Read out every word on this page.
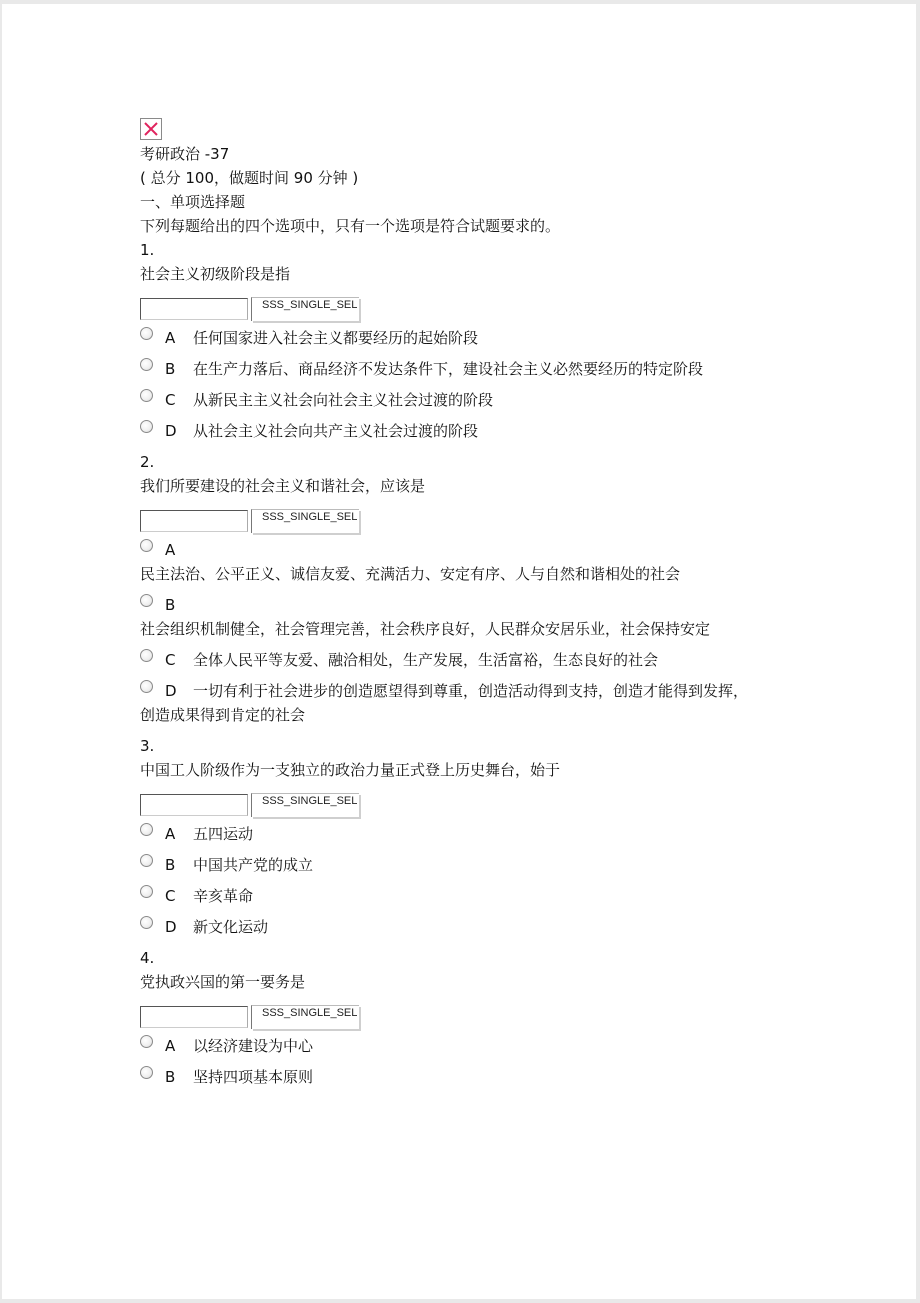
考研政治 -37
( 总分 100，做题时间 90 分钟 )
一、单项选择题
下列每题给出的四个选项中，只有一个选项是符合试题要求的。
1.
社会主义初级阶段是指
SSS_SINGLE_SEL
A 任何国家进入社会主义都要经历的起始阶段
B 在生产力落后、商品经济不发达条件下，建设社会主义必然要经历的特定阶段
C 从新民主主义社会向社会主义社会过渡的阶段
D 从社会主义社会向共产主义社会过渡的阶段
2.
我们所要建设的社会主义和谐社会，应该是
SSS_SINGLE_SEL
A
民主法治、公平正义、诚信友爱、充满活力、安定有序、人与自然和谐相处的社会
B
社会组织机制健全，社会管理完善，社会秩序良好，人民群众安居乐业，社会保持安定
C 全体人民平等友爱、融洽相处，生产发展，生活富裕，生态良好的社会
D 一切有利于社会进步的创造愿望得到尊重，创造活动得到支持，创造才能得到发挥，创造成果得到肯定的社会
3.
中国工人阶级作为一支独立的政治力量正式登上历史舞台，始于
SSS_SINGLE_SEL
A 五四运动
B 中国共产党的成立
C 辛亥革命
D 新文化运动
4.
党执政兴国的第一要务是
SSS_SINGLE_SEL
A 以经济建设为中心
B 坚持四项基本原则
